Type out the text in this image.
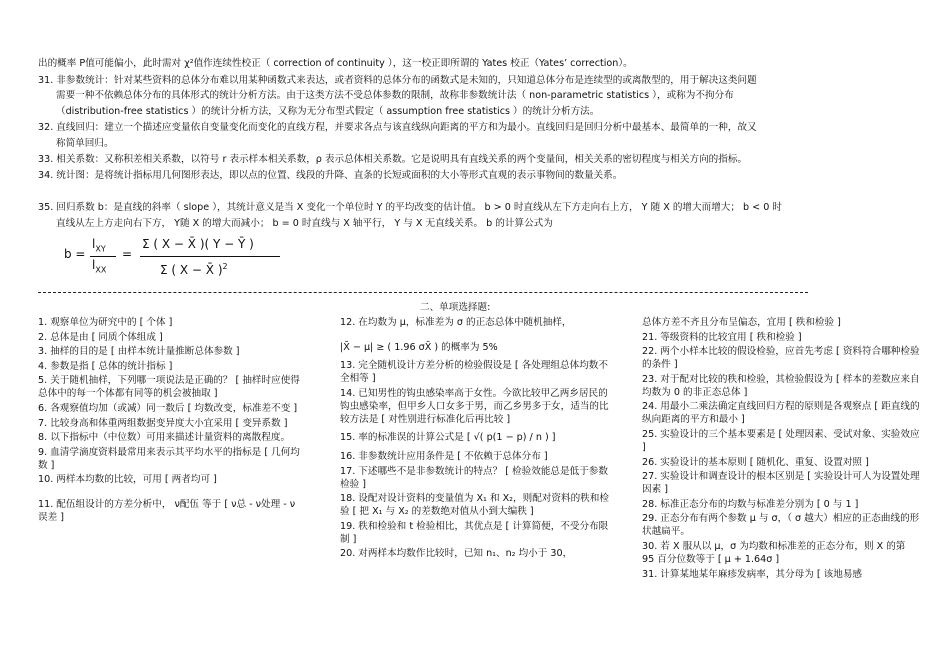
出的概率 P值可能偏小，此时需对 χ²值作连续性校正（ correction of continuity ），这一校正即所谓的 Yates 校正（Yates’ correction）。
31. 非参数统计：针对某些资料的总体分布难以用某种函数式来表达，或者资料的总体分布的函数式是未知的，只知道总体分布是连续型的或离散型的，用于解决这类问题
需要一种不依赖总体分布的具体形式的统计分析方法。由于这类方法不受总体参数的限制，故称非参数统计法（ non-parametric statistics ），或称为不拘分布
（distribution-free statistics ）的统计分析方法，又称为无分布型式假定（ assumption free statistics ）的统计分析方法。
32. 直线回归：建立一个描述应变量依自变量变化而变化的直线方程，并要求各点与该直线纵向距离的平方和为最小。直线回归是回归分析中最基本、最简单的一种，故又
称简单回归。
33. 相关系数：又称积差相关系数，以符号 r 表示样本相关系数，ρ 表示总体相关系数。它是说明具有直线关系的两个变量间，相关关系的密切程度与相关方向的指标。
34. 统计图：是将统计指标用几何图形表达，即以点的位置、线段的升降、直条的长短或面积的大小等形式直观的表示事物间的数量关系。
35. 回归系数 b：是直线的斜率（ slope ），其统计意义是当 X 变化一个单位时 Y 的平均改变的估计值。 b > 0 时直线从左下方走向右上方， Y 随 X 的增大而增大； b < 0 时
直线从左上方走向右下方， Y随 X 的增大而减小； b = 0 时直线与 X 轴平行， Y 与 X 无直线关系。 b 的计算公式为
b =
$l_{XY}$
$l_{XX}$
=
Σ ( X − X̄ )( Y − Ȳ )
Σ ( X − X̄ )$^2$
二、单项选择题:

1. 观察单位为研究中的 [ 个体 ]

2. 总体是由 [ 同质个体组成 ]

3. 抽样的目的是 [ 由样本统计量推断总体参数 ]

4. 参数是指 [ 总体的统计指标 ]

5. 关于随机抽样，下列哪一项说法是正确的？ [ 抽样时应使得总体中的每一个体都有同等的机会被抽取 ]

6. 各观察值均加（或减）同一数后 [ 均数改变，标准差不变 ]

7. 比较身高和体重两组数据变异度大小宜采用 [ 变异系数 ]

8. 以下指标中（中位数）可用来描述计量资料的离散程度。

9. 血清学滴度资料最常用来表示其平均水平的指标是 [ 几何均数 ]

10. 两样本均数的比较，可用 [ 两者均可 ]

11. 配伍组设计的方差分析中， ν配伍 等于 [ ν总 - ν处理 - ν误差 ]

12. 在均数为 μ，标准差为 σ 的正态总体中随机抽样，

|X̄ − μ| ≥ ( 1.96 σX̄ ) 的概率为 5%

13. 完全随机设计方差分析的检验假设是 [ 各处理组总体均数不全相等 ]

14. 已知男性的钩虫感染率高于女性。今欲比较甲乙两乡居民的钩虫感染率，但甲乡人口女多于男，而乙乡男多于女，适当的比较方法是 [ 对性别进行标准化后再比较 ]

15. 率的标准误的计算公式是 [ √( p(1 − p) / n ) ]

16. 非参数统计应用条件是 [ 不依赖于总体分布 ]

17. 下述哪些不是非参数统计的特点？ [ 检验效能总是低于参数检验 ]

18. 设配对设计资料的变量值为 X₁ 和 X₂，则配对资料的秩和检验 [ 把 X₁ 与 X₂ 的差数绝对值从小到大编秩 ]

19. 秩和检验和 t 检验相比，其优点是 [ 计算简便，不受分布限制 ]

20. 对两样本均数作比较时，已知 n₁、n₂ 均小于 30，

总体方差不齐且分布呈偏态，宜用 [ 秩和检验 ]

21. 等级资料的比较宜用 [ 秩和检验 ]

22. 两个小样本比较的假设检验，应首先考虑 [ 资料符合哪种检验的条件 ]

23. 对于配对比较的秩和检验，其检验假设为 [ 样本的差数应来自均数为 0 的非正态总体 ]

24. 用最小二乘法确定直线回归方程的原则是各观察点 [ 距直线的纵向距离的平方和最小 ]

25. 实验设计的三个基本要素是 [ 处理因素、受试对象、实验效应 ]

26. 实验设计的基本原则 [ 随机化、重复、设置对照 ]

27. 实验设计和调查设计的根本区别是 [ 实验设计可人为设置处理因素 ]

28. 标准正态分布的均数与标准差分别为 [ 0 与 1 ]

29. 正态分布有两个参数 μ 与 σ，（ σ 越大）相应的正态曲线的形状越扁平。

30. 若 X 服从以 μ，σ 为均数和标准差的正态分布，则 X 的第 95 百分位数等于 [ μ + 1.64σ ]

31. 计算某地某年麻疹发病率，其分母为 [ 该地易感
